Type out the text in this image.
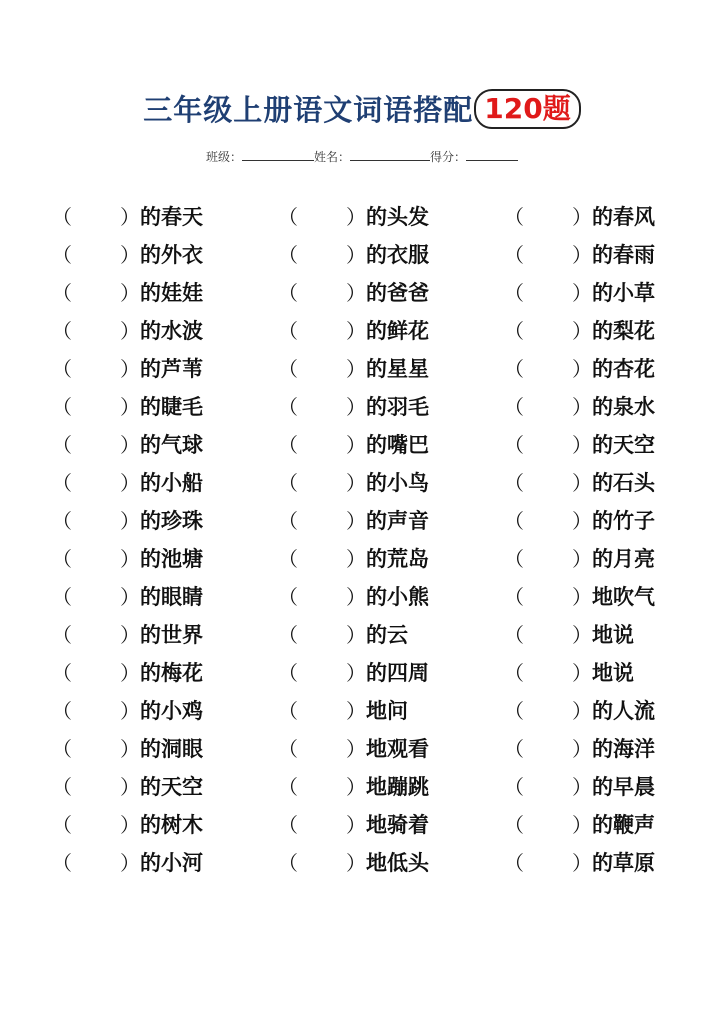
三年级上册语文词语搭配 120题
班级：	姓名：	得分：
（ ） 的春天	（ ） 的头发	（ ） 的春风
（ ） 的外衣	（ ） 的衣服	（ ） 的春雨
（ ） 的娃娃	（ ） 的爸爸	（ ） 的小草
（ ） 的水波	（ ） 的鲜花	（ ） 的梨花
（ ） 的芦苇	（ ） 的星星	（ ） 的杏花
（ ） 的睫毛	（ ） 的羽毛	（ ） 的泉水
（ ） 的气球	（ ） 的嘴巴	（ ） 的天空
（ ） 的小船	（ ） 的小鸟	（ ） 的石头
（ ） 的珍珠	（ ） 的声音	（ ） 的竹子
（ ） 的池塘	（ ） 的荒岛	（ ） 的月亮
（ ） 的眼睛	（ ） 的小熊	（ ） 地吹气
（ ） 的世界	（ ） 的云	（ ） 地说
（ ） 的梅花	（ ） 的四周	（ ） 地说
（ ） 的小鸡	（ ） 地问	（ ） 的人流
（ ） 的洞眼	（ ） 地观看	（ ） 的海洋
（ ） 的天空	（ ） 地蹦跳	（ ） 的早晨
（ ） 的树木	（ ） 地骑着	（ ） 的鞭声
（ ） 的小河	（ ） 地低头	（ ） 的草原
